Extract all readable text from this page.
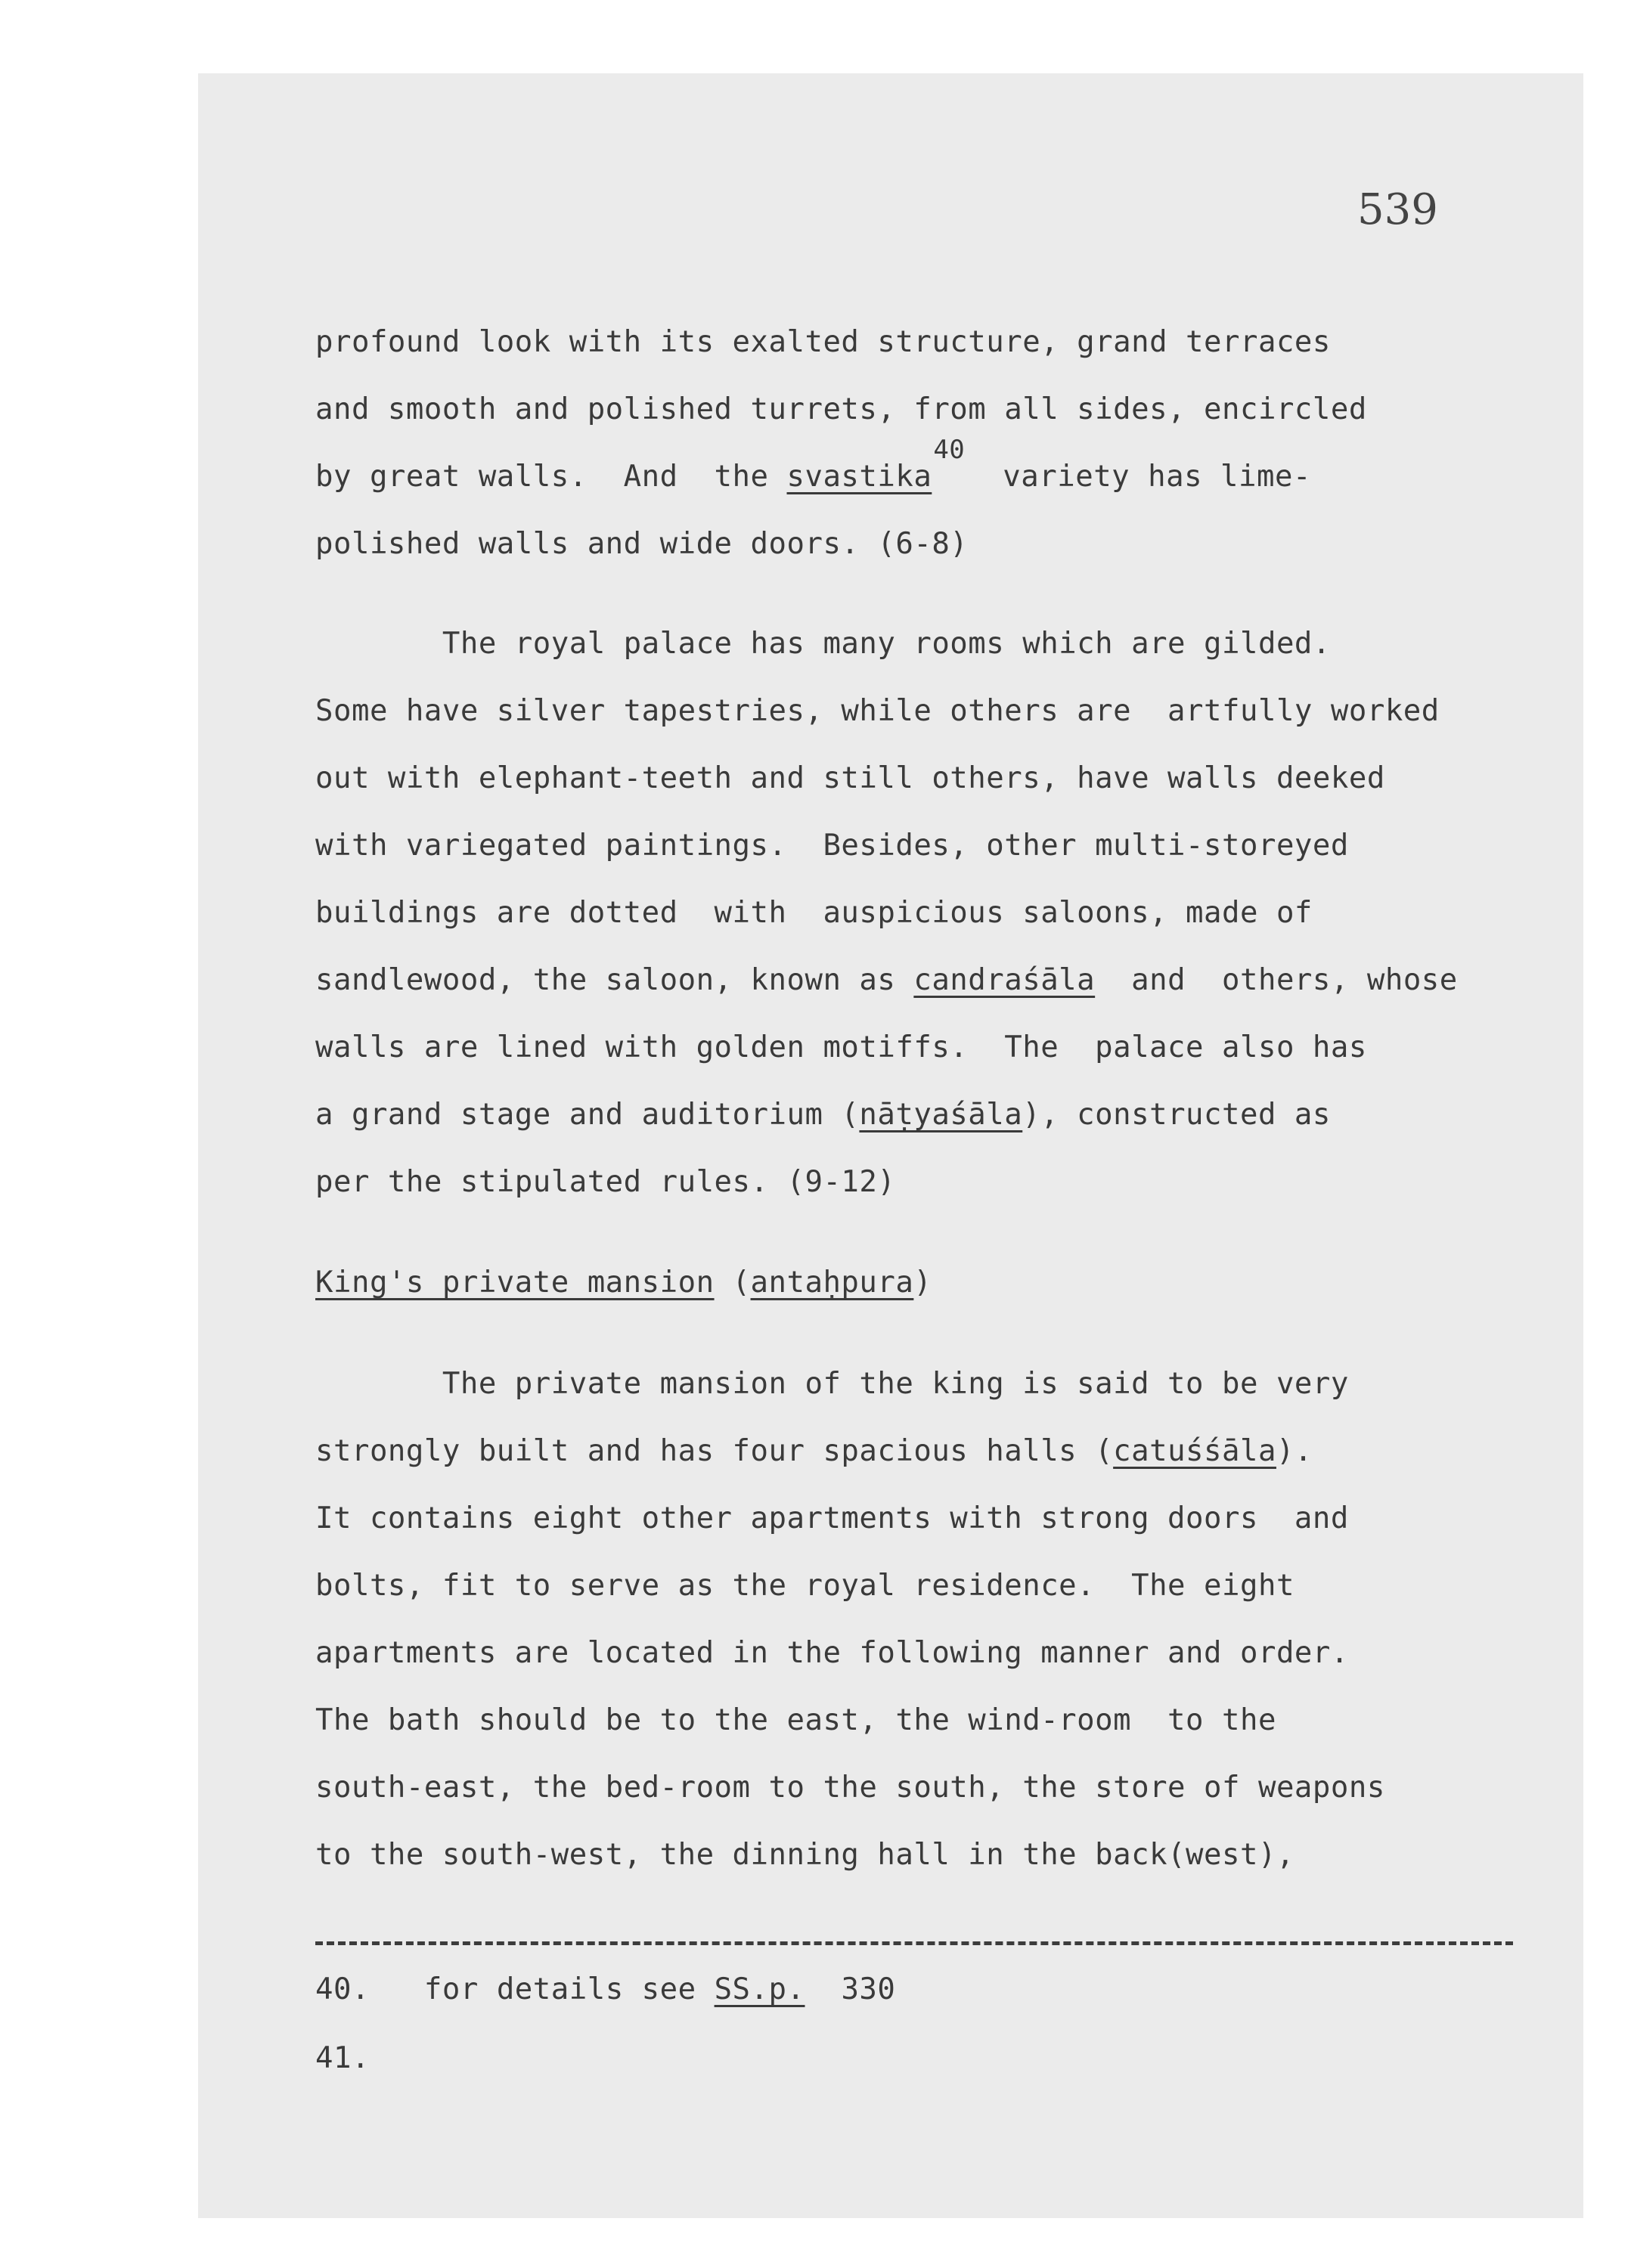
539
profound look with its exalted structure, grand terraces
and smooth and polished turrets, from all sides, encircled
by great walls.  And  the svastika
40
variety has lime-
polished walls and wide doors. (6-8)
The royal palace has many rooms which are gilded.
Some have silver tapestries, while others are  artfully worked
out with elephant-teeth and still others, have walls deeked
with variegated paintings.  Besides, other multi-storeyed
buildings are dotted  with  auspicious saloons, made of
sandlewood, the saloon, known as candraśāla  and  others, whose
walls are lined with golden motiffs.  The  palace also has
a grand stage and auditorium (nāṭyaśāla), constructed as
per the stipulated rules. (9-12)
King's private mansion (antaḥpura)
The private mansion of the king is said to be very
strongly built and has four spacious halls (catuśśāla).
It contains eight other apartments with strong doors  and
bolts, fit to serve as the royal residence.  The eight
apartments are located in the following manner and order.
The bath should be to the east, the wind-room  to the
south-east, the bed-room to the south, the store of weapons
to the south-west, the dinning hall in the back(west),
40.   for details see SS.p.  330
41.
